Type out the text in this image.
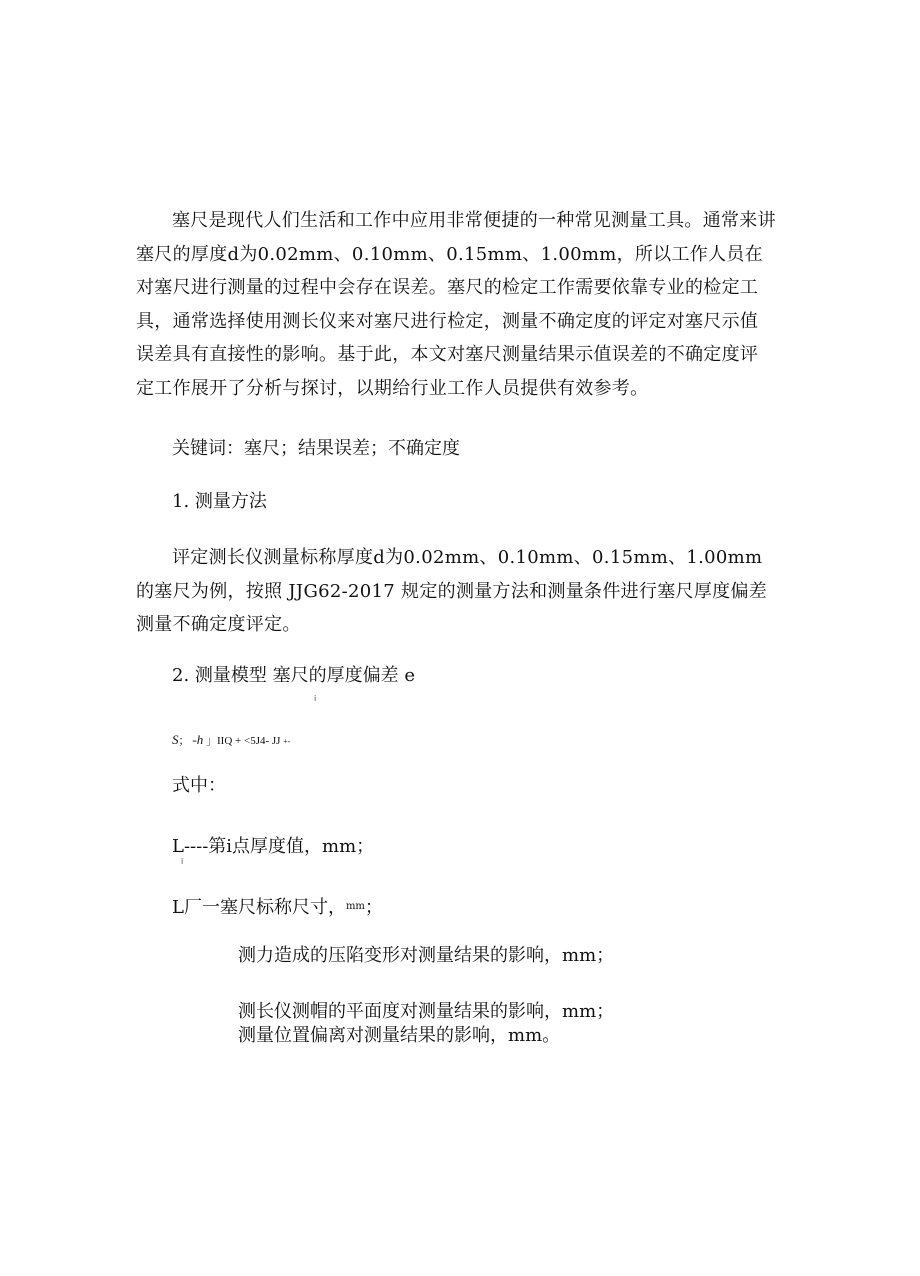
塞尺是现代人们生活和工作中应用非常便捷的一种常见测量工具。通常来讲塞尺的厚度d为0.02mm、0.10mm、0.15mm、1.00mm，所以工作人员在对塞尺进行测量的过程中会存在误差。塞尺的检定工作需要依靠专业的检定工具，通常选择使用测长仪来对塞尺进行检定，测量不确定度的评定对塞尺示值误差具有直接性的影响。基于此，本文对塞尺测量结果示值误差的不确定度评定工作展开了分析与探讨，以期给行业工作人员提供有效参考。

关键词：塞尺；结果误差；不确定度

1. 测量方法

评定测长仪测量标称厚度d为0.02mm、0.10mm、0.15mm、1.00mm的塞尺为例，按照 JJG62-2017 规定的测量方法和测量条件进行塞尺厚度偏差测量不确定度评定。

2. 测量模型 塞尺的厚度偏差 e

i
S； =h 」IIQ + <5J4- JJ +-

式中：

L----第i点厚度值，mm；

i

L厂一塞尺标称尺寸，$^{mm}$；

测力造成的压陷变形对测量结果的影响，mm；

测长仪测帽的平面度对测量结果的影响，mm；

测量位置偏离对测量结果的影响，mm。
